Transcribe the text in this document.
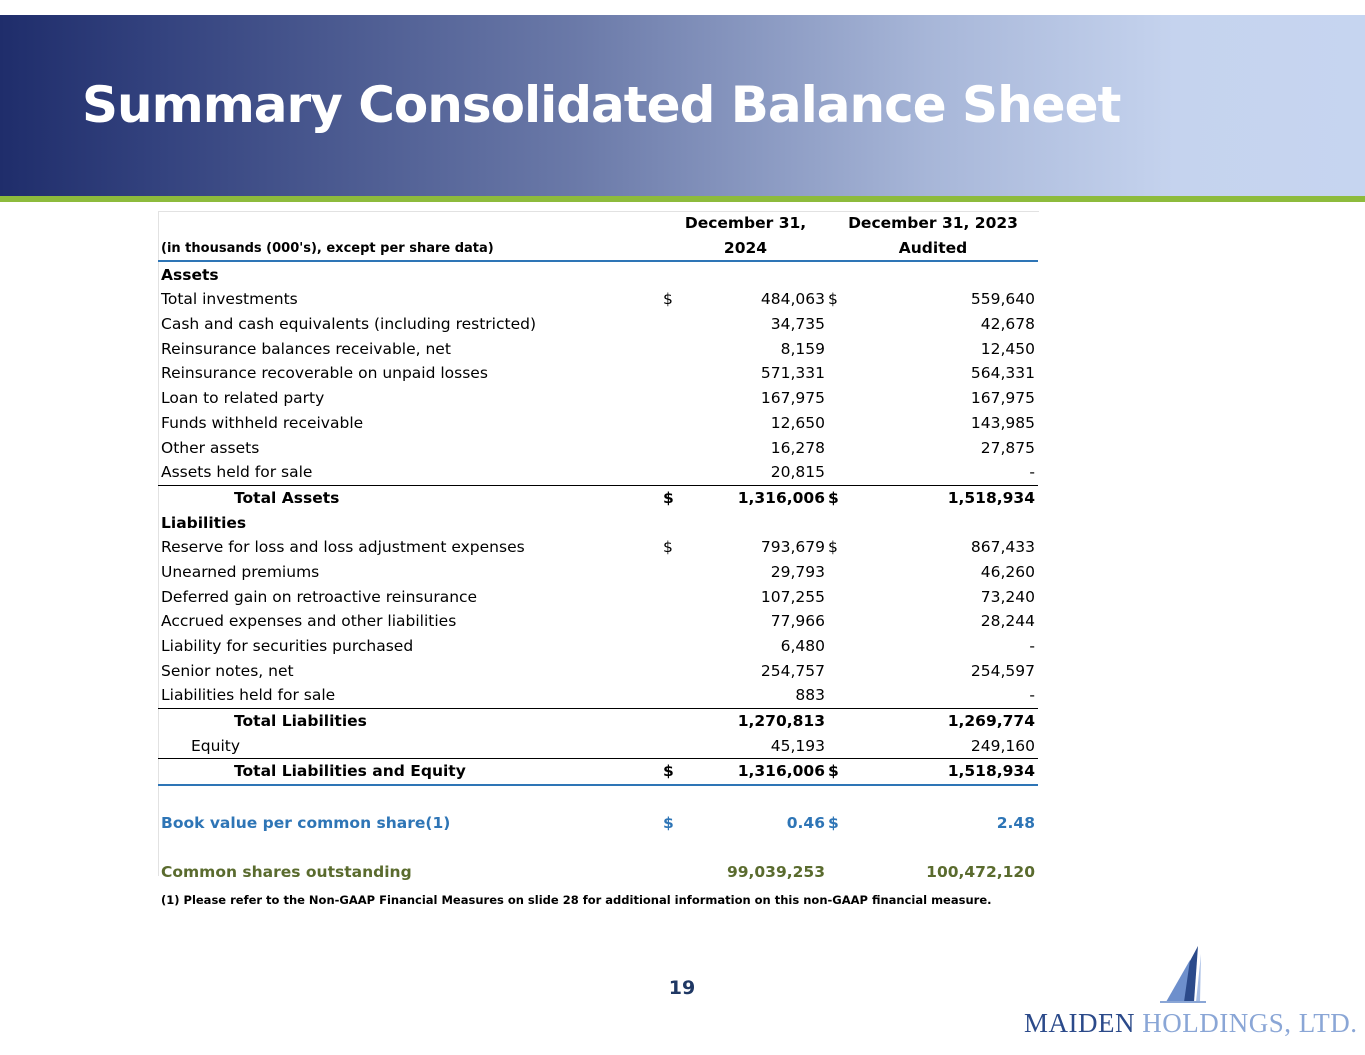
Summary Consolidated Balance Sheet
	December 31,		December 31, 2023	
(in thousands (000's), except per share data)	2024		Audited	
Assets				
Total investments	$	484,063	$	559,640
Cash and cash equivalents (including restricted)		34,735		42,678
Reinsurance balances receivable, net		8,159		12,450
Reinsurance recoverable on unpaid losses		571,331		564,331
Loan to related party		167,975		167,975
Funds withheld receivable		12,650		143,985
Other assets		16,278		27,875
Assets held for sale		20,815		-
Total Assets	$	1,316,006	$	1,518,934
Liabilities				
Reserve for loss and loss adjustment expenses	$	793,679	$	867,433
Unearned premiums		29,793		46,260
Deferred gain on retroactive reinsurance		107,255		73,240
Accrued expenses and other liabilities		77,966		28,244
Liability for securities purchased		6,480		-
Senior notes, net		254,757		254,597
Liabilities held for sale		883		-
Total Liabilities		1,270,813		1,269,774
Equity		45,193		249,160
Total Liabilities and Equity	$	1,316,006	$	1,518,934

Book value per common share(1)	$	0.46	$	2.48

Common shares outstanding		99,039,253		100,472,120

(1) Please refer to the Non-GAAP Financial Measures on slide 28 for additional information on this non-GAAP financial measure.

19
MAIDEN HOLDINGS, LTD.
